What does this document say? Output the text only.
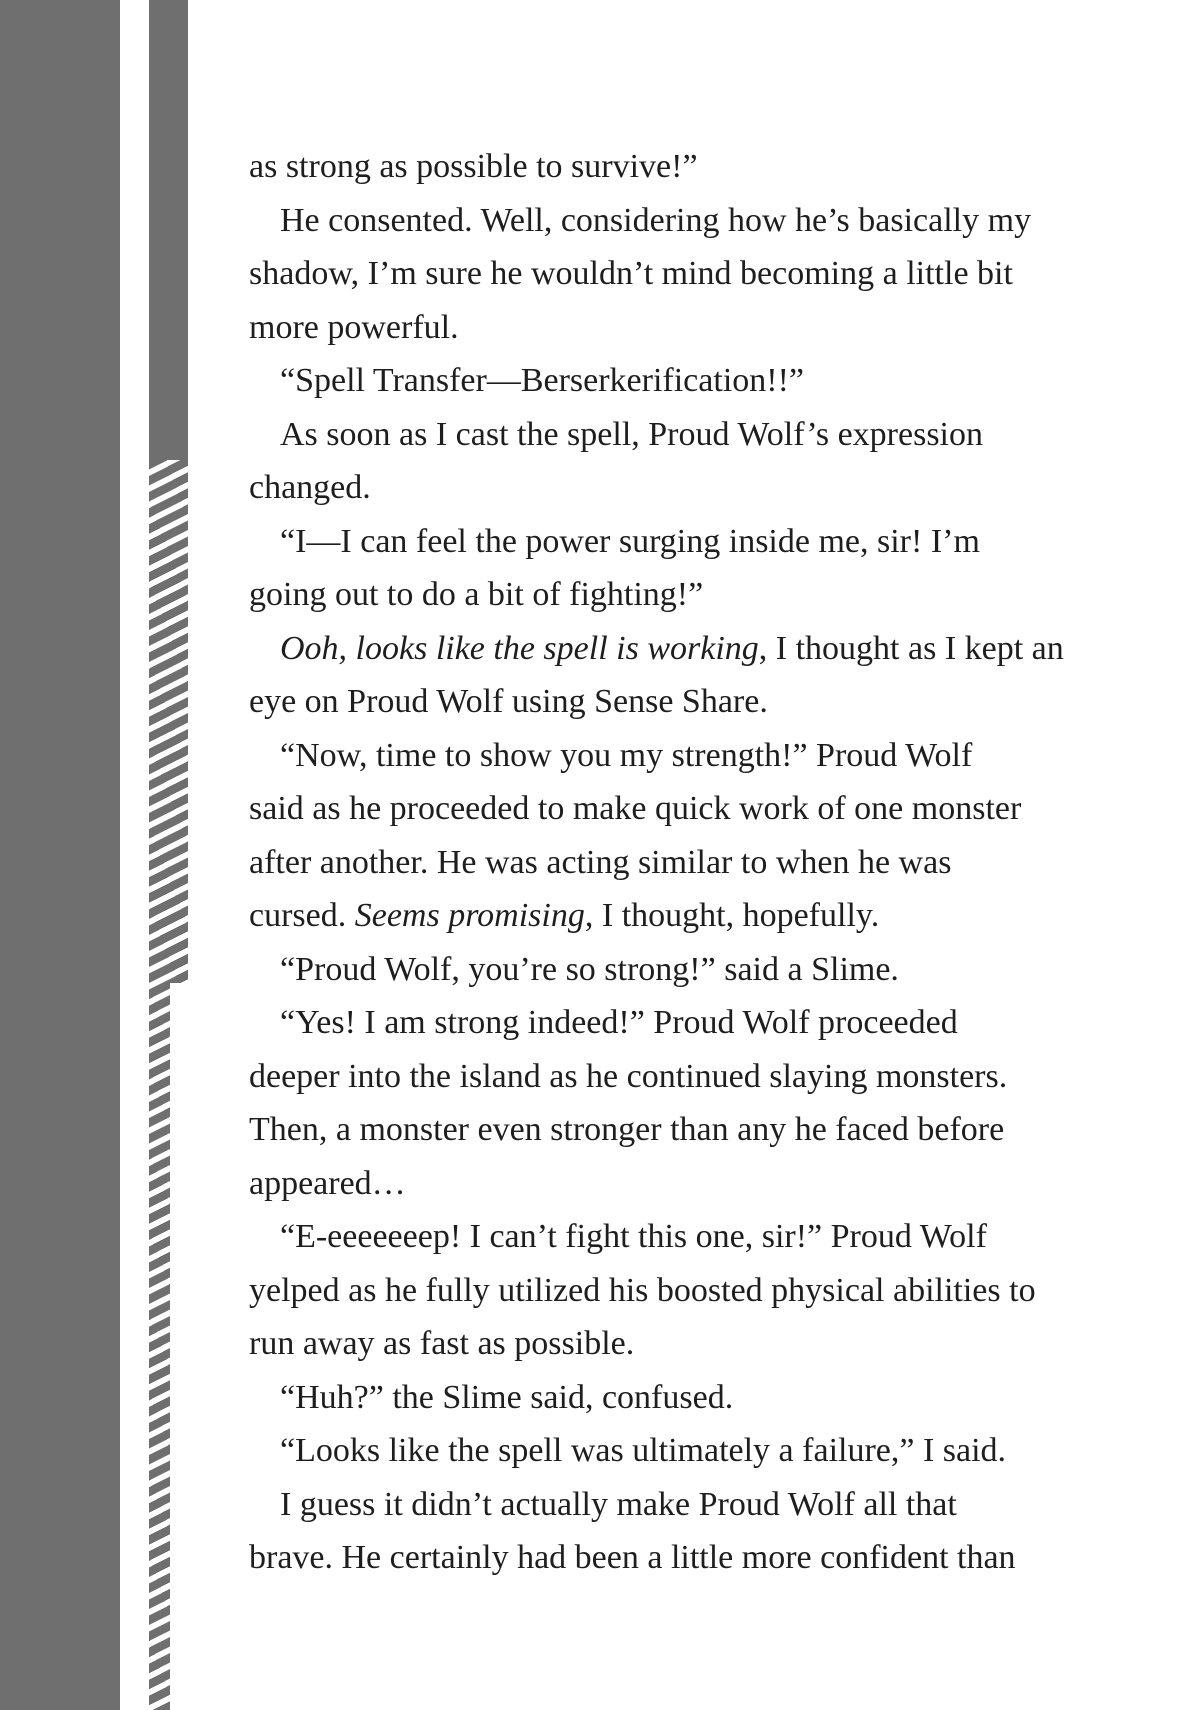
as strong as possible to survive!”
He consented. Well, considering how he’s basically my
shadow, I’m sure he wouldn’t mind becoming a little bit
more powerful.
“Spell Transfer—Berserkerification!!”
As soon as I cast the spell, Proud Wolf’s expression
changed.
“I—I can feel the power surging inside me, sir! I’m
going out to do a bit of fighting!”
Ooh, looks like the spell is working, I thought as I kept an
eye on Proud Wolf using Sense Share.
“Now, time to show you my strength!” Proud Wolf
said as he proceeded to make quick work of one monster
after another. He was acting similar to when he was
cursed. Seems promising, I thought, hopefully.
“Proud Wolf, you’re so strong!” said a Slime.
“Yes! I am strong indeed!” Proud Wolf proceeded
deeper into the island as he continued slaying monsters.
Then, a monster even stronger than any he faced before
appeared…
“E-eeeeeeep! I can’t fight this one, sir!” Proud Wolf
yelped as he fully utilized his boosted physical abilities to
run away as fast as possible.
“Huh?” the Slime said, confused.
“Looks like the spell was ultimately a failure,” I said.
I guess it didn’t actually make Proud Wolf all that
brave. He certainly had been a little more confident than
